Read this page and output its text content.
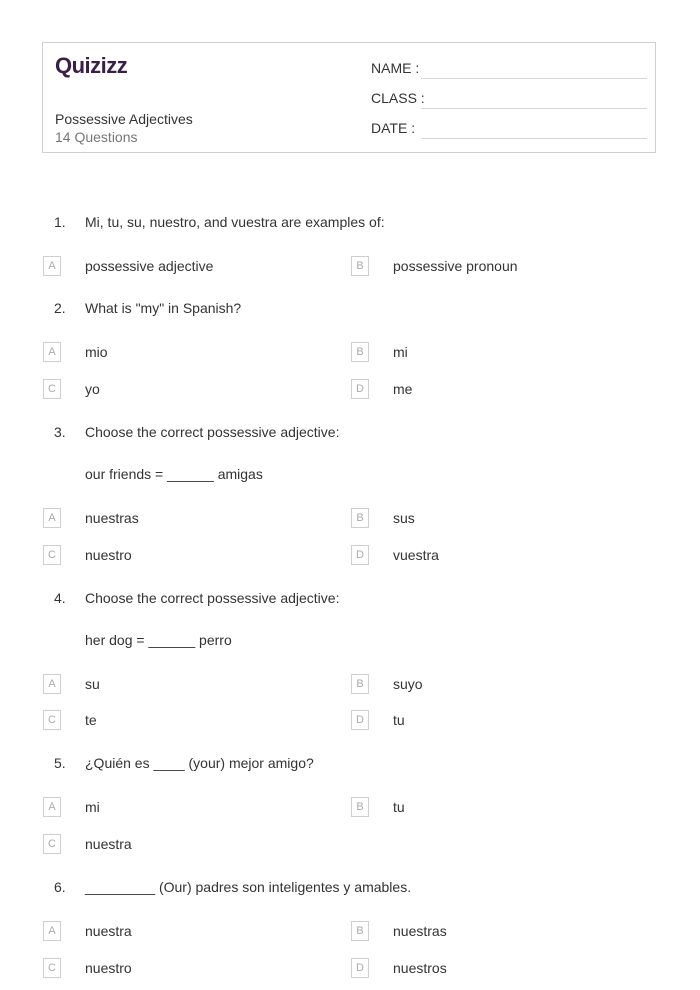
Quizizz
Possessive Adjectives
14 Questions
NAME :
CLASS :
DATE :
1. Mi, tu, su, nuestro, and vuestra are examples of:
A	possessive adjective	B	possessive pronoun
2. What is "my" in Spanish?
A	mio	B	mi
C	yo	D	me
3. Choose the correct possessive adjective:
our friends = ______ amigas
A	nuestras	B	sus
C	nuestro	D	vuestra
4. Choose the correct possessive adjective:
her dog = ______ perro
A	su	B	suyo
C	te	D	tu
5. ¿Quién es ____ (your) mejor amigo?
A	mi	B	tu
C	nuestra
6. _________ (Our) padres son inteligentes y amables.
A	nuestra	B	nuestras
C	nuestro	D	nuestros
